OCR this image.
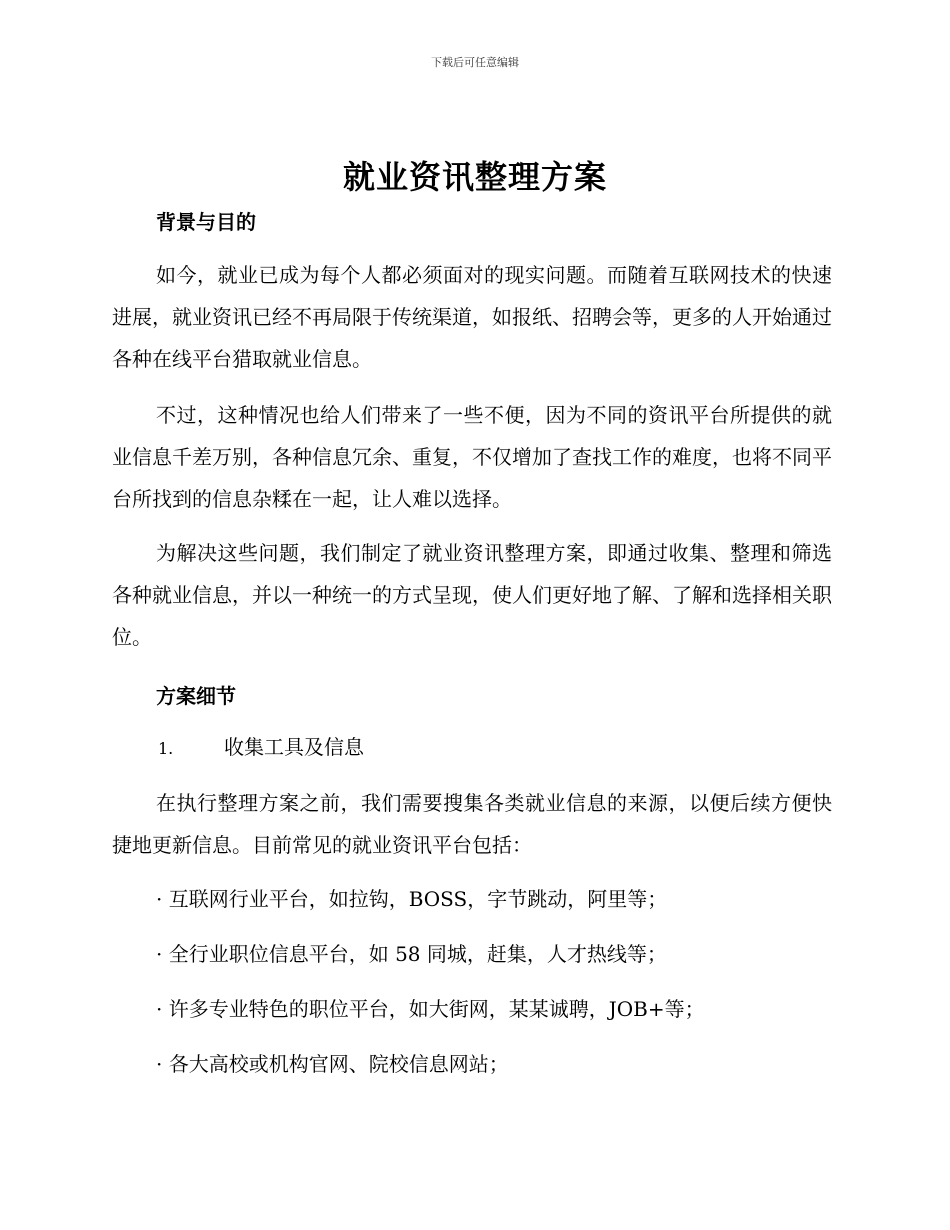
下载后可任意编辑
就业资讯整理方案
背景与目的

如今，就业已成为每个人都必须面对的现实问题。而随着互联网技术的快速进展，就业资讯已经不再局限于传统渠道，如报纸、招聘会等，更多的人开始通过各种在线平台猎取就业信息。

不过，这种情况也给人们带来了一些不便，因为不同的资讯平台所提供的就业信息千差万别，各种信息冗余、重复，不仅增加了查找工作的难度，也将不同平台所找到的信息杂糅在一起，让人难以选择。

为解决这些问题，我们制定了就业资讯整理方案，即通过收集、整理和筛选各种就业信息，并以一种统一的方式呈现，使人们更好地了解、了解和选择相关职位。

方案细节

1.	收集工具及信息

在执行整理方案之前，我们需要搜集各类就业信息的来源，以便后续方便快捷地更新信息。目前常见的就业资讯平台包括：

· 互联网行业平台，如拉钩，BOSS，字节跳动，阿里等；

· 全行业职位信息平台，如 58 同城，赶集，人才热线等；

· 许多专业特色的职位平台，如大街网，某某诚聘，JOB+等；

· 各大高校或机构官网、院校信息网站；
